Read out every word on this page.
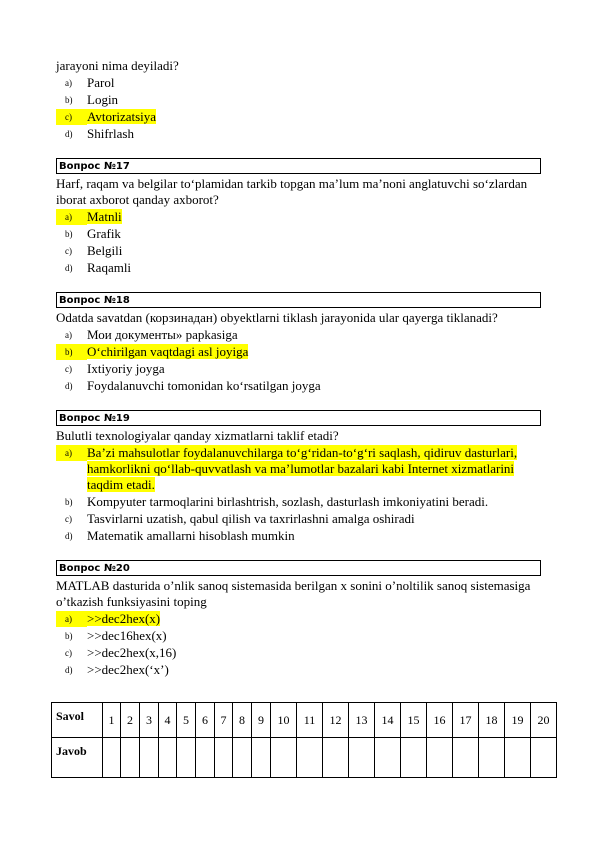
jarayoni nima deyiladi?

a) Parol
b) Login
c)	Avtorizatsiya
d) Shifrlash
Вопрос №17

Harf, raqam va belgilar to‘plamidan tarkib topgan ma’lum ma’noni anglatuvchi so‘zlardan iborat axborot qanday axborot?

a)	Matnli
b) Grafik
c) Belgili
d) Raqamli
Вопрос №18

Odatda savatdan (корзинадан) obyektlarni tiklash jarayonida ular qayerga tiklanadi?

a) Мои документы» papkasiga
b)	O‘chirilgan vaqtdagi asl joyiga
c) Ixtiyoriy joyga
d) Foydalanuvchi tomonidan ko‘rsatilgan joyga
Вопрос №19

Bulutli texnologiyalar qanday xizmatlarni taklif etadi?

a)	Ba’zi mahsulotlar foydalanuvchilarga to‘g‘ridan-to‘g‘ri saqlash, qidiruv dasturlari, hamkorlikni qo‘llab-quvvatlash va ma’lumotlar bazalari kabi Internet xizmatlarini taqdim etadi.
b) Kompyuter tarmoqlarini birlashtrish, sozlash, dasturlash imkoniyatini beradi.
c) Tasvirlarni uzatish, qabul qilish va taxrirlashni amalga oshiradi
d) Matematik amallarni hisoblash mumkin
Вопрос №20

MATLAB dasturida o’nlik sanoq sistemasida berilgan x sonini o’noltilik sanoq sistemasiga o’tkazish funksiyasini toping

a)	>>dec2hex(x)
b) >>dec16hex(x)
c) >>dec2hex(x,16)
d) >>dec2hex(‘x’)
Savol	1	2	3	4	5	6	7	8	9	10	11	12	13	14	15	16	17	18	19	20
Javob																				
